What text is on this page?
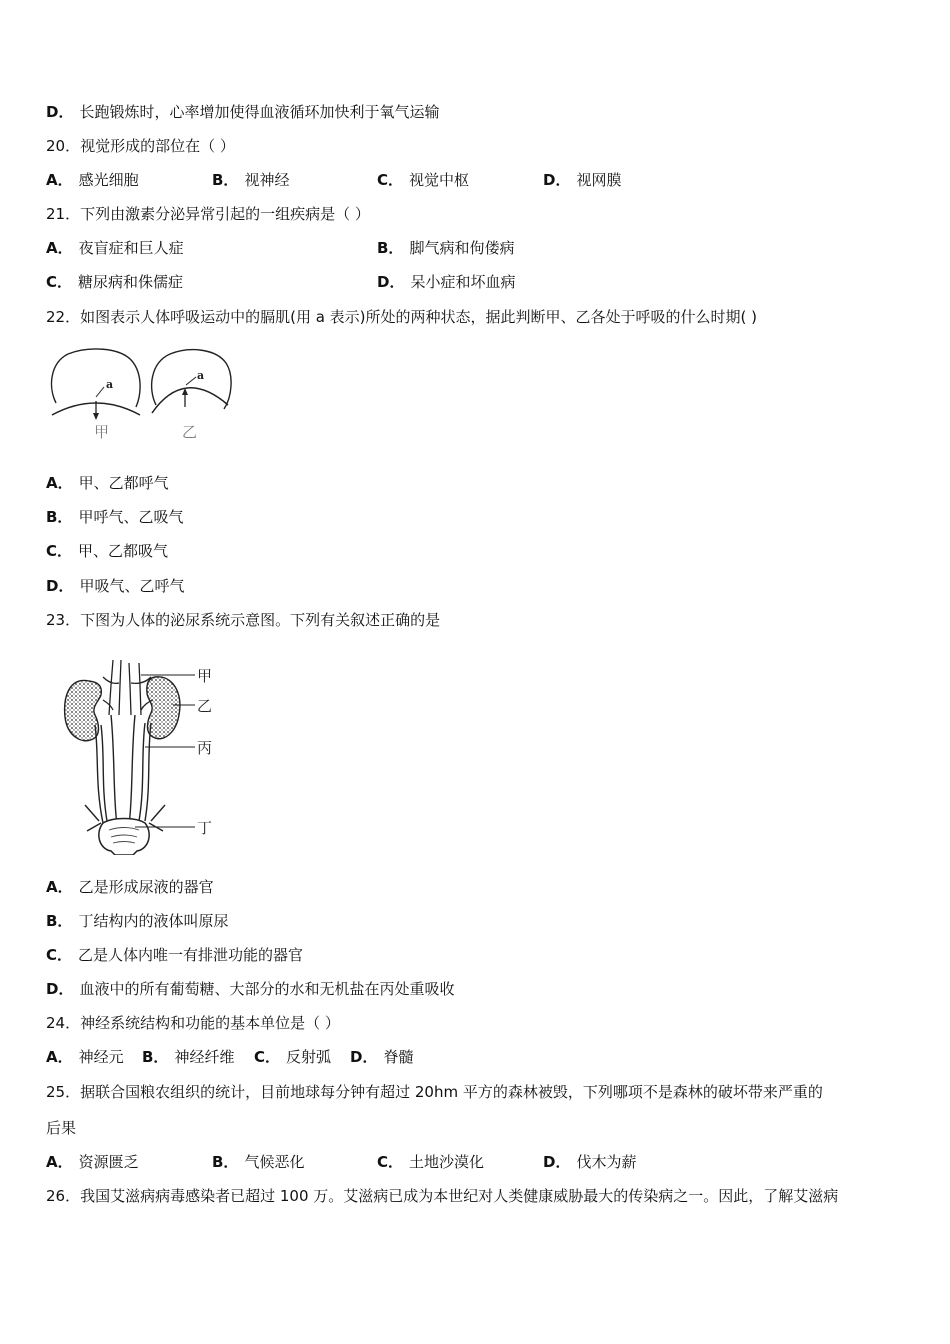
D． 长跑锻炼时，心率增加使得血液循环加快利于氧气运输
20．视觉形成的部位在（ ）
A． 感光细胞	B． 视神经	C． 视觉中枢	D． 视网膜
21．下列由激素分泌异常引起的一组疾病是（ ）
A． 夜盲症和巨人症	B． 脚气病和佝偻病
C． 糖尿病和侏儒症	D． 呆小症和坏血病
22．如图表示人体呼吸运动中的膈肌(用 a 表示)所处的两种状态，据此判断甲、乙各处于呼吸的什么时期( )
a
甲
a
乙
A． 甲、乙都呼气
B． 甲呼气、乙吸气
C． 甲、乙都吸气
D． 甲吸气、乙呼气
23．下图为人体的泌尿系统示意图。下列有关叙述正确的是
甲
乙
丙
丁
A． 乙是形成尿液的器官
B． 丁结构内的液体叫原尿
C． 乙是人体内唯一有排泄功能的器官
D． 血液中的所有葡萄糖、大部分的水和无机盐在丙处重吸收
24．神经系统结构和功能的基本单位是（ ）
A． 神经元 B． 神经纤维 C． 反射弧 D． 脊髓
25．据联合国粮农组织的统计，目前地球每分钟有超过 20hm 平方的森林被毁，下列哪项不是森林的破坏带来严重的
后果
A． 资源匮乏	B． 气候恶化	C． 土地沙漠化	D． 伐木为薪
26．我国艾滋病病毒感染者已超过 100 万。艾滋病已成为本世纪对人类健康威胁最大的传染病之一。因此，了解艾滋病
